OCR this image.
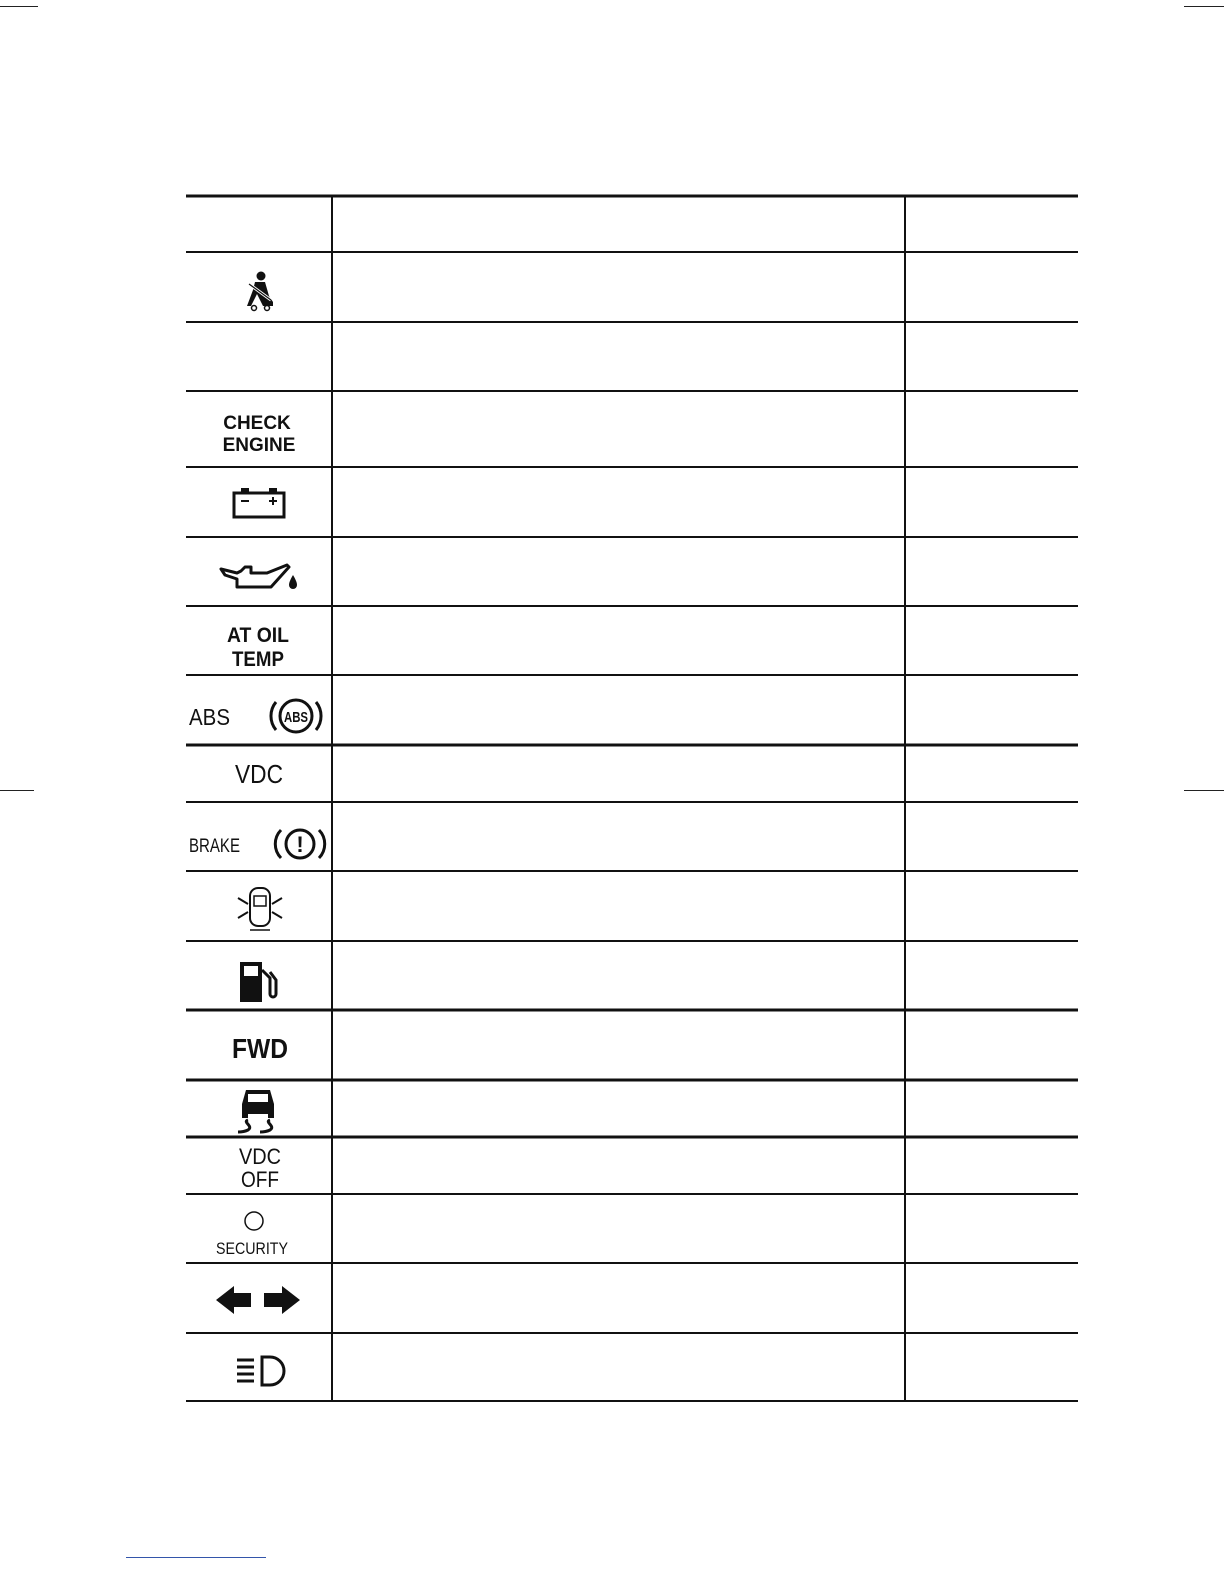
CHECK
ENGINE
AT OIL
TEMP
ABS	ABS
VDC
BRAKE	!
FWD
VDC
OFF
SECURITY
